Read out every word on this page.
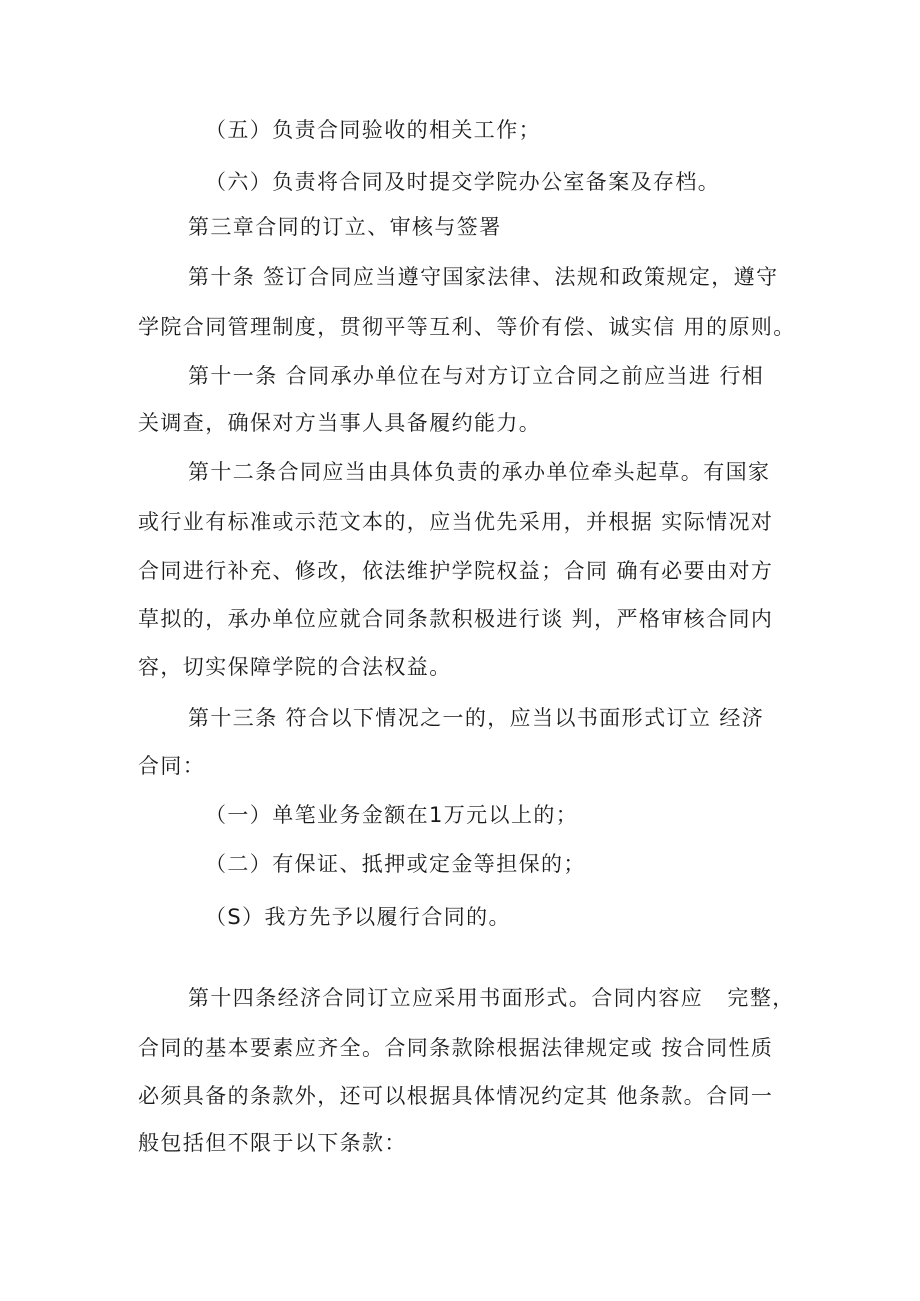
（五）负责合同验收的相关工作；
（六）负责将合同及时提交学院办公室备案及存档。
第三章合同的订立、审核与签署
第十条 签订合同应当遵守国家法律、法规和政策规定，遵守
学院合同管理制度，贯彻平等互利、等价有偿、诚实信 用的原则。
第十一条 合同承办单位在与对方订立合同之前应当进 行相
关调查，确保对方当事人具备履约能力。
第十二条合同应当由具体负责的承办单位牵头起草。有国家
或行业有标准或示范文本的，应当优先采用，并根据 实际情况对
合同进行补充、修改，依法维护学院权益；合同 确有必要由对方
草拟的，承办单位应就合同条款积极进行谈 判，严格审核合同内
容，切实保障学院的合法权益。
第十三条 符合以下情况之一的，应当以书面形式订立 经济
合同：
（一）单笔业务金额在1万元以上的；
（二）有保证、抵押或定金等担保的；
（S）我方先予以履行合同的。
第十四条经济合同订立应采用书面形式。合同内容应   完整，
合同的基本要素应齐全。合同条款除根据法律规定或 按合同性质
必须具备的条款外，还可以根据具体情况约定其 他条款。合同一
般包括但不限于以下条款：
